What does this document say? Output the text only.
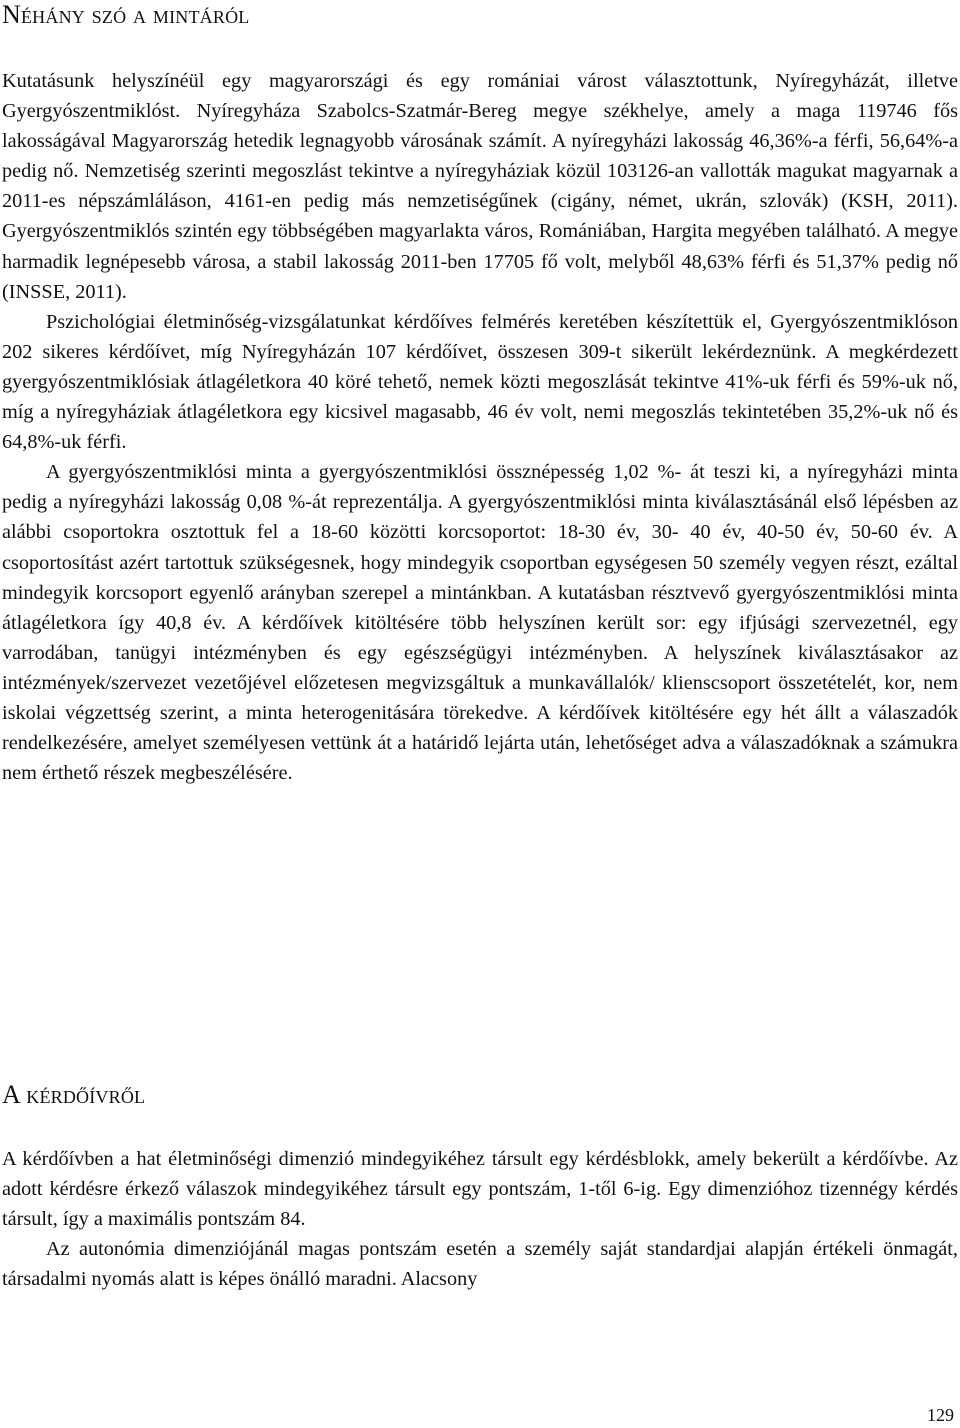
Néhány szó a mintáról

Kutatásunk helyszínéül egy magyarországi és egy romániai várost választottunk, Nyíregyházát, illetve Gyergyószentmiklóst. Nyíregyháza Szabolcs-Szatmár-Bereg megye székhelye, amely a maga 119746 fős lakosságával Magyarország hetedik legnagyobb városának számít. A nyíregyházi lakosság 46,36%-a férfi, 56,64%-a pedig nő. Nemzetiség szerinti megoszlást tekintve a nyíregyháziak közül 103126-an vallották magukat magyarnak a 2011-es népszámláláson, 4161-en pedig más nemzetiségűnek (cigány, német, ukrán, szlovák) (KSH, 2011). Gyergyószentmiklós szintén egy többségében magyarlakta város, Romániában, Hargita megyében található. A megye harmadik legnépesebb városa, a stabil lakosság 2011-ben 17705 fő volt, melyből 48,63% férfi és 51,37% pedig nő (INSSE, 2011).

Pszichológiai életminőség-vizsgálatunkat kérdőíves felmérés keretében készítettük el, Gyergyószentmiklóson 202 sikeres kérdőívet, míg Nyíregyházán 107 kérdőívet, összesen 309-t sikerült lekérdeznünk. A megkérdezett gyergyószentmiklósiak átlagéletkora 40 köré tehető, nemek közti megoszlását tekintve 41%-uk férfi és 59%-uk nő, míg a nyíregyháziak átlagéletkora egy kicsivel magasabb, 46 év volt, nemi megoszlás tekintetében 35,2%-uk nő és 64,8%-uk férfi.

A gyergyószentmiklósi minta a gyergyószentmiklósi össznépesség 1,02 %- át teszi ki, a nyíregyházi minta pedig a nyíregyházi lakosság 0,08 %-át reprezentálja. A gyergyószentmiklósi minta kiválasztásánál első lépésben az alábbi csoportokra osztottuk fel a 18-60 közötti korcsoportot: 18-30 év, 30- 40 év, 40-50 év, 50-60 év. A csoportosítást azért tartottuk szükségesnek, hogy mindegyik csoportban egységesen 50 személy vegyen részt, ezáltal mindegyik korcsoport egyenlő arányban szerepel a mintánkban. A kutatásban résztvevő gyergyószentmiklósi minta átlagéletkora így 40,8 év. A kérdőívek kitöltésére több helyszínen került sor: egy ifjúsági szervezetnél, egy varrodában, tanügyi intézményben és egy egészségügyi intézményben. A helyszínek kiválasztásakor az intézmények/szervezet vezetőjével előzetesen megvizsgáltuk a munkavállalók/ klienscsoport összetételét, kor, nem iskolai végzettség szerint, a minta heterogenitására törekedve. A kérdőívek kitöltésére egy hét állt a válaszadók rendelkezésére, amelyet személyesen vettünk át a határidő lejárta után, lehetőséget adva a válaszadóknak a számukra nem érthető részek megbeszélésére.

A kérdőívről

A kérdőívben a hat életminőségi dimenzió mindegyikéhez társult egy kérdésblokk, amely bekerült a kérdőívbe. Az adott kérdésre érkező válaszok mindegyikéhez társult egy pontszám, 1-től 6-ig. Egy dimenzióhoz tizennégy kérdés társult, így a maximális pontszám 84.

Az autonómia dimenziójánál magas pontszám esetén a személy saját standardjai alapján értékeli önmagát, társadalmi nyomás alatt is képes önálló maradni. Alacsony

129
